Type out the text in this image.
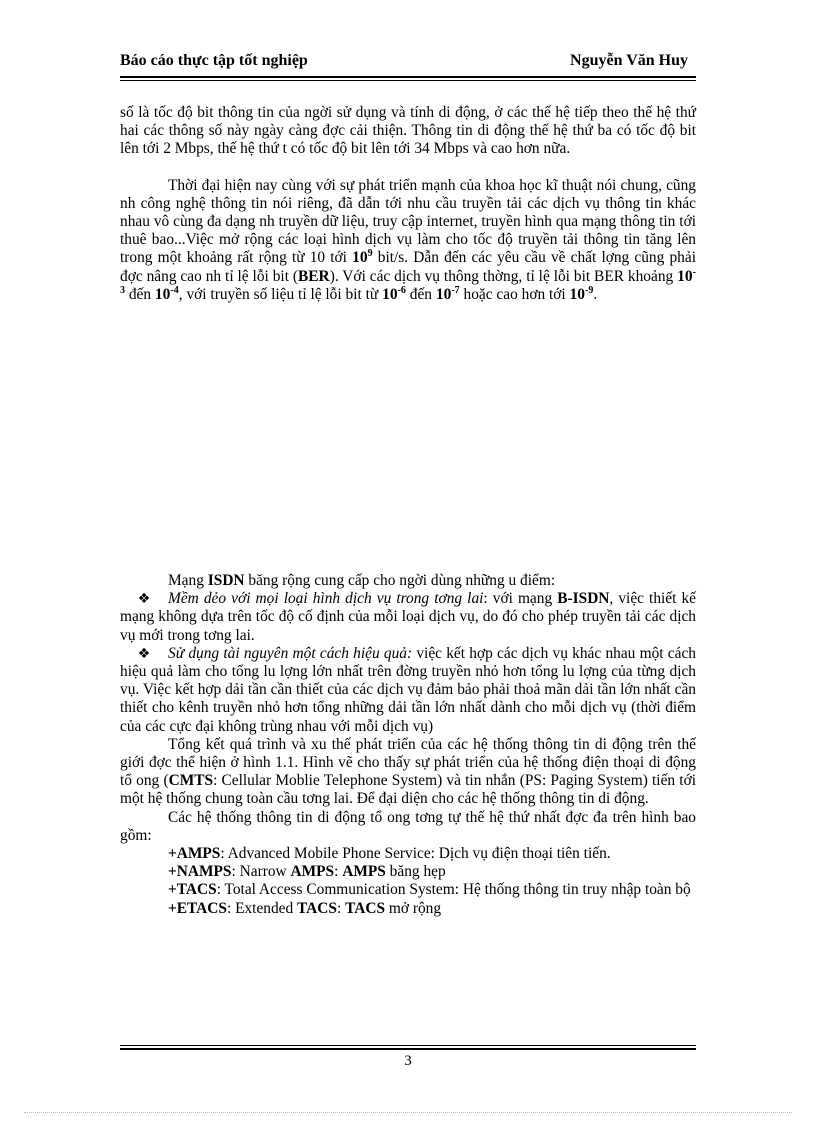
Báo cáo thực tập tốt nghiệp	Nguyễn Văn Huy

số là tốc độ bit thông tin của ngời sử dụng và tính di động, ở các thế hệ tiếp theo thế hệ thứ hai các thông số này ngày càng đợc cải thiện. Thông tin di động thế hệ thứ ba có tốc độ bit lên tới 2 Mbps, thế hệ thứ t có tốc độ bit lên tới 34 Mbps và cao hơn nữa.

Thời đại hiện nay cùng với sự phát triển mạnh của khoa học kĩ thuật nói chung, cũng nh công nghệ thông tin nói riêng, đã dẫn tới nhu cầu truyền tải các dịch vụ thông tin khác nhau vô cùng đa dạng nh truyền dữ liệu, truy cập internet, truyền hình qua mạng thông tin tới thuê bao...Việc mở rộng các loại hình dịch vụ làm cho tốc độ truyền tải thông tin tăng lên trong một khoảng rất rộng từ 10 tới $10^9$ bit/s. Dẫn đến các yêu cầu về chất lợng cũng phải đợc nâng cao nh tỉ lệ lỗi bit (BER). Với các dịch vụ thông thờng, tỉ lệ lỗi bit BER khoảng $10^{-3}$ đến $10^{-4}$, với truyền số liệu tỉ lệ lỗi bit từ $10^{-6}$ đến $10^{-7}$ hoặc cao hơn tới $10^{-9}$.

Mạng ISDN băng rộng cung cấp cho ngời dùng những u điểm:

❖ Mềm dẻo với mọi loại hình dịch vụ trong tơng lai: với mạng B-ISDN, việc thiết kế mạng không dựa trên tốc độ cố định của mỗi loại dịch vụ, do đó cho phép truyền tải các dịch vụ mới trong tơng lai.

❖ Sử dụng tài nguyên một cách hiệu quả: việc kết hợp các dịch vụ khác nhau một cách hiệu quả làm cho tổng lu lợng lớn nhất trên đờng truyền nhỏ hơn tổng lu lợng của từng dịch vụ. Việc kết hợp dải tần cần thiết của các dịch vụ đảm bảo phải thoả mãn dải tần lớn nhất cần thiết cho kênh truyền nhỏ hơn tổng những dải tần lớn nhất dành cho mỗi dịch vụ (thời điểm của các cực đại không trùng nhau với mỗi dịch vụ)

Tổng kết quá trình và xu thế phát triển của các hệ thống thông tin di động trên thế giới đợc thể hiện ở hình 1.1. Hình vẽ cho thấy sự phát triển của hệ thống điện thoại di động tổ ong (CMTS: Cellular Moblie Telephone System) và tin nhắn (PS: Paging System) tiến tới một hệ thống chung toàn cầu tơng lai. Để đại diện cho các hệ thống thông tin di động.

Các hệ thống thông tin di động tổ ong tơng tự thế hệ thứ nhất đợc đa trên hình bao gồm:

+AMPS: Advanced Mobile Phone Service: Dịch vụ điện thoại tiên tiến.

+NAMPS: Narrow AMPS: AMPS băng hẹp

+TACS: Total Access Communication System: Hệ thống thông tin truy nhập toàn bộ

+ETACS: Extended TACS: TACS mở rộng

3
